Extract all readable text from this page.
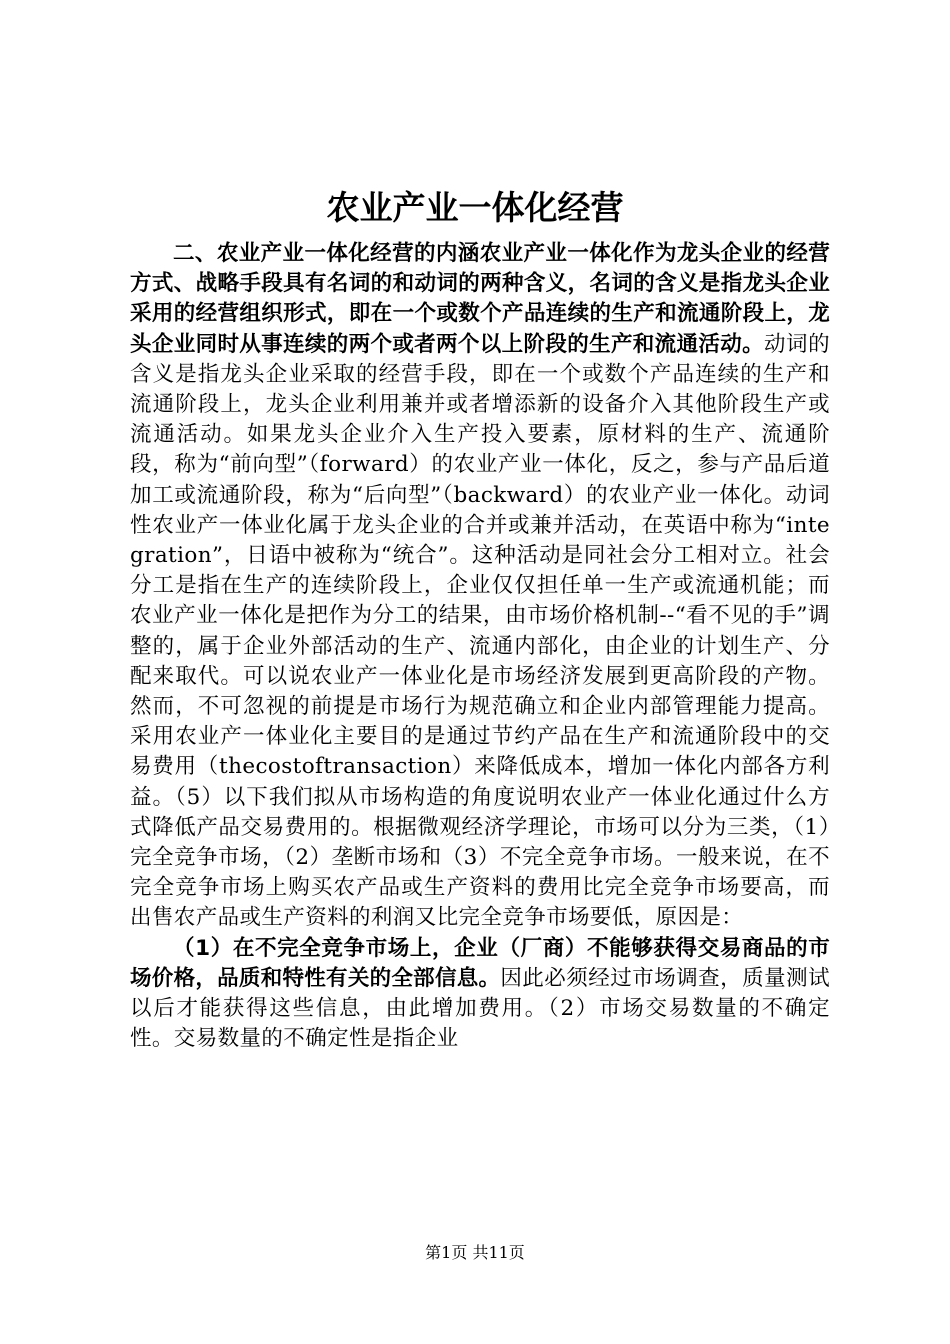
农业产业一体化经营

二、农业产业一体化经营的内涵农业产业一体化作为龙头企业的经营方式、战略手段具有名词的和动词的两种含义，名词的含义是指龙头企业采用的经营组织形式，即在一个或数个产品连续的生产和流通阶段上，龙头企业同时从事连续的两个或者两个以上阶段的生产和流通活动。动词的含义是指龙头企业采取的经营手段，即在一个或数个产品连续的生产和流通阶段上，龙头企业利用兼并或者增添新的设备介入其他阶段生产或流通活动。如果龙头企业介入生产投入要素，原材料的生产、流通阶段，称为“前向型”（forward）的农业产业一体化，反之，参与产品后道加工或流通阶段，称为“后向型”（backward）的农业产业一体化。动词性农业产一体业化属于龙头企业的合并或兼并活动，在英语中称为“integration”，日语中被称为“统合”。这种活动是同社会分工相对立。社会分工是指在生产的连续阶段上，企业仅仅担任单一生产或流通机能；而农业产业一体化是把作为分工的结果，由市场价格机制--“看不见的手”调整的，属于企业外部活动的生产、流通内部化，由企业的计划生产、分配来取代。可以说农业产一体业化是市场经济发展到更高阶段的产物。然而，不可忽视的前提是市场行为规范确立和企业内部管理能力提高。采用农业产一体业化主要目的是通过节约产品在生产和流通阶段中的交易费用（thecostoftransaction）来降低成本，增加一体化内部各方利益。（5）以下我们拟从市场构造的角度说明农业产一体业化通过什么方式降低产品交易费用的。根据微观经济学理论，市场可以分为三类，（1）完全竞争市场，（2）垄断市场和（3）不完全竞争市场。一般来说，在不完全竞争市场上购买农产品或生产资料的费用比完全竞争市场要高，而出售农产品或生产资料的利润又比完全竞争市场要低，原因是：

（1）在不完全竞争市场上，企业（厂商）不能够获得交易商品的市场价格，品质和特性有关的全部信息。因此必须经过市场调查，质量测试以后才能获得这些信息，由此增加费用。（2）市场交易数量的不确定性。交易数量的不确定性是指企业

第1页 共11页
